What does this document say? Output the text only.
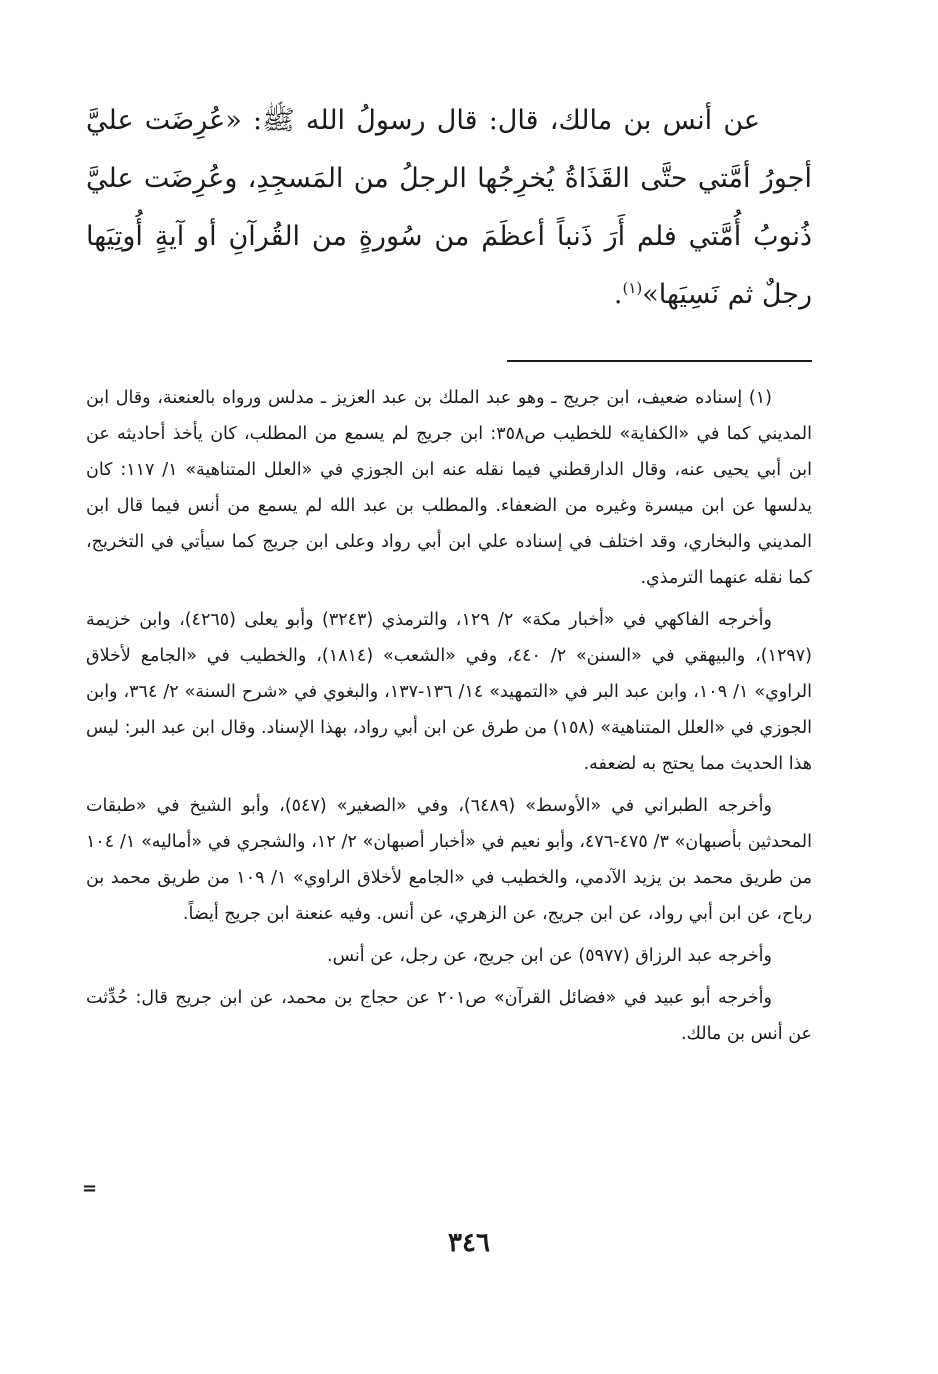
عن أنس بن مالك، قال: قال رسولُ الله ﷺ: «عُرِضَت عليَّ أجورُ أمَّتي حتَّى القَذَاةُ يُخرِجُها الرجلُ من المَسجِدِ، وعُرِضَت عليَّ ذُنوبُ أُمَّتي فلم أَرَ ذَنباً أعظَمَ من سُورةٍ من القُرآنِ أو آيةٍ أُوتِيَها رجلٌ ثم نَسِيَها»$^{(١)}$.

(١) إسناده ضعيف، ابن جريج ـ وهو عبد الملك بن عبد العزيز ـ مدلس ورواه بالعنعنة، وقال ابن المديني كما في «الكفاية» للخطيب ص٣٥٨: ابن جريج لم يسمع من المطلب، كان يأخذ أحاديثه عن ابن أبي يحيى عنه، وقال الدارقطني فيما نقله عنه ابن الجوزي في «العلل المتناهية» ١/ ١١٧: كان يدلسها عن ابن ميسرة وغيره من الضعفاء. والمطلب بن عبد الله لم يسمع من أنس فيما قال ابن المديني والبخاري، وقد اختلف في إسناده علي ابن أبي رواد وعلى ابن جريج كما سيأتي في التخريج، كما نقله عنهما الترمذي.

وأخرجه الفاكهي في «أخبار مكة» ٢/ ١٢٩، والترمذي (٣٢٤٣) وأبو يعلى (٤٢٦٥)، وابن خزيمة (١٢٩٧)، والبيهقي في «السنن» ٢/ ٤٤٠، وفي «الشعب» (١٨١٤)، والخطيب في «الجامع لأخلاق الراوي» ١/ ١٠٩، وابن عبد البر في «التمهيد» ١٤/ ١٣٦-١٣٧، والبغوي في «شرح السنة» ٢/ ٣٦٤، وابن الجوزي في «العلل المتناهية» (١٥٨) من طرق عن ابن أبي رواد، بهذا الإسناد. وقال ابن عبد البر: ليس هذا الحديث مما يحتج به لضعفه.

وأخرجه الطبراني في «الأوسط» (٦٤٨٩)، وفي «الصغير» (٥٤٧)، وأبو الشيخ في «طبقات المحدثين بأصبهان» ٣/ ٤٧٥-٤٧٦، وأبو نعيم في «أخبار أصبهان» ٢/ ١٢، والشجري في «أماليه» ١/ ١٠٤ من طريق محمد بن يزيد الآدمي، والخطيب في «الجامع لأخلاق الراوي» ١/ ١٠٩ من طريق محمد بن رباح، عن ابن أبي رواد، عن ابن جريج، عن الزهري، عن أنس. وفيه عنعنة ابن جريج أيضاً.

وأخرجه عبد الرزاق (٥٩٧٧) عن ابن جريج، عن رجل، عن أنس.

وأخرجه أبو عبيد في «فضائل القرآن» ص٢٠١ عن حجاج بن محمد، عن ابن جريج قال: حُدِّثت عن أنس بن مالك.

=
٣٤٦
